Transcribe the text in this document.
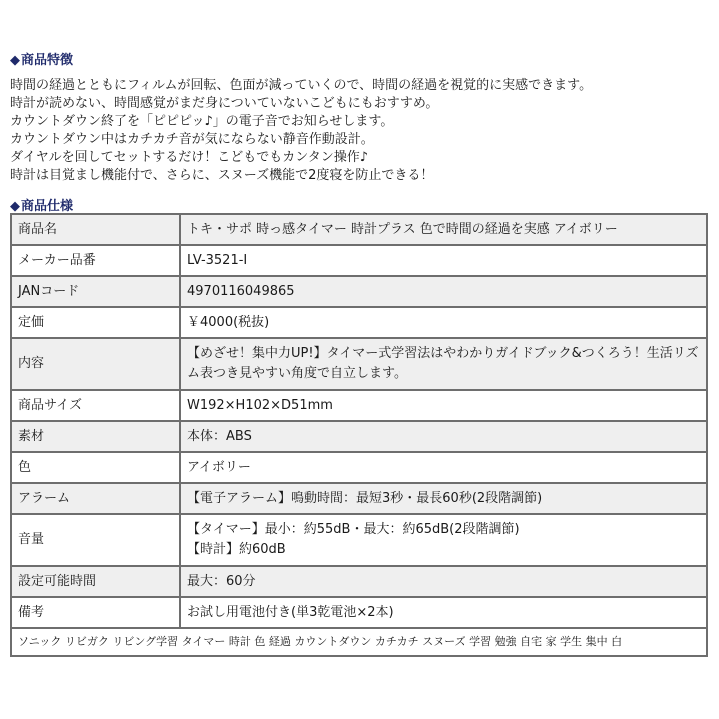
◆商品特徴
時間の経過とともにフィルムが回転、色面が減っていくので、時間の経過を視覚的に実感できます。
時計が読めない、時間感覚がまだ身についていないこどもにもおすすめ。
カウントダウン終了を「ピピピッ♪」の電子音でお知らせします。
カウントダウン中はカチカチ音が気にならない静音作動設計。
ダイヤルを回してセットするだけ！こどもでもカンタン操作♪
時計は目覚まし機能付で、さらに、スヌーズ機能で2度寝を防止できる！
◆商品仕様
商品名	トキ・サポ 時っ感タイマー 時計プラス 色で時間の経過を実感 アイボリー
メーカー品番	LV-3521-I
JANコード	4970116049865
定価	￥4000(税抜)
内容	【めざせ！集中力UP!】タイマー式学習法はやわかりガイドブック&つくろう！生活リズム表つき見やすい角度で自立します。
商品サイズ	W192×H102×D51mm
素材	本体：ABS
色	アイボリー
アラーム	【電子アラーム】鳴動時間：最短3秒・最長60秒(2段階調節)
音量	【タイマー】最小：約55dB・最大：約65dB(2段階調節)
【時計】約60dB

設定可能時間	最大：60分
備考	お試し用電池付き(単3乾電池×2本)
ソニック リビガク リビング学習 タイマー 時計 色 経過 カウントダウン カチカチ スヌーズ 学習 勉強 自宅 家 学生 集中 白	
